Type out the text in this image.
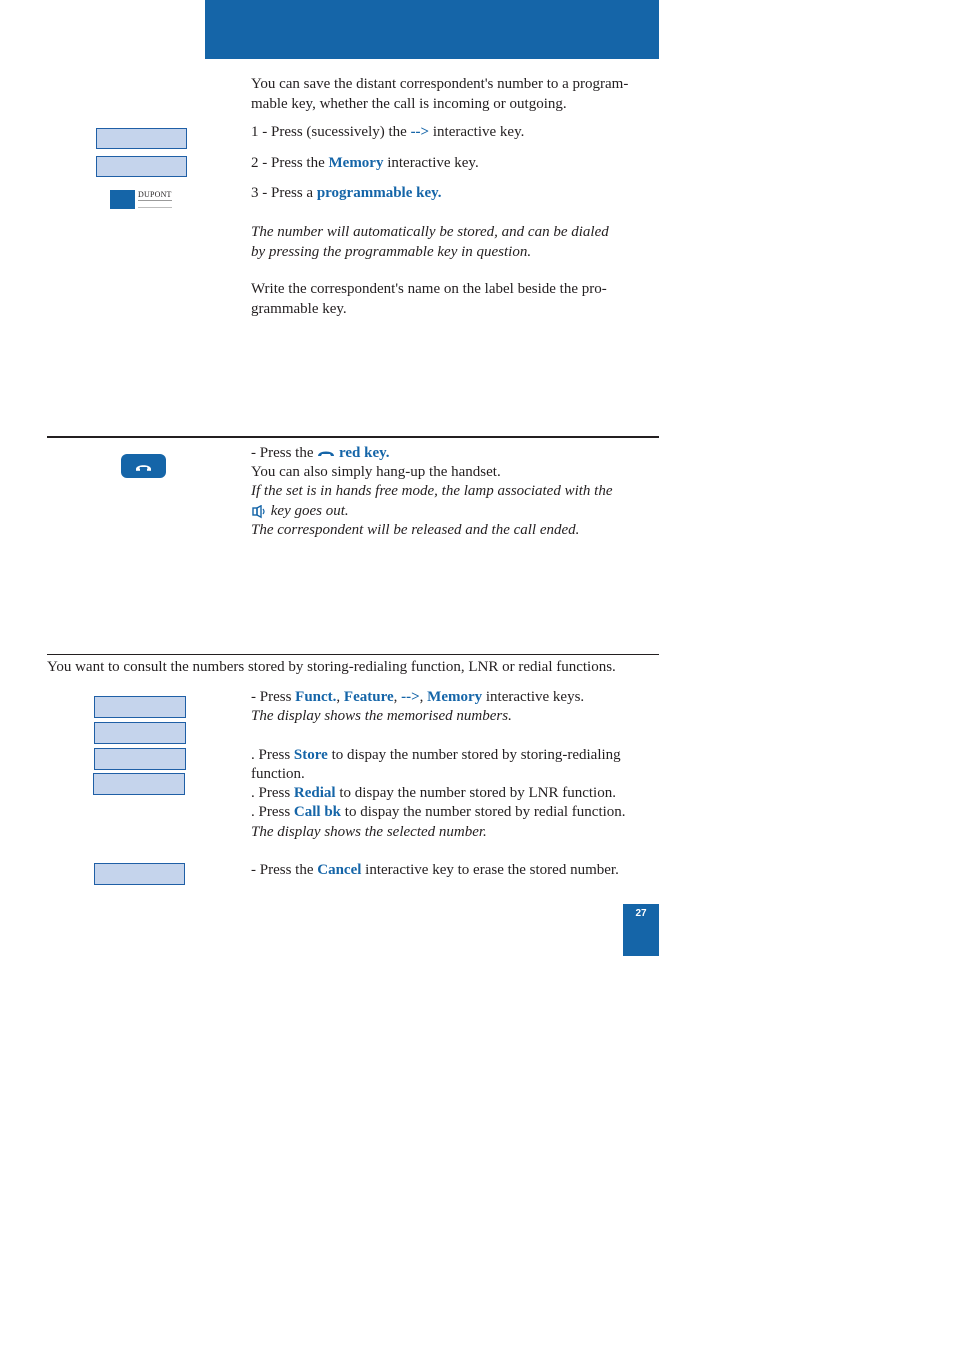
You can save the distant correspondent's number to a program-
mable key, whether the call is incoming or outgoing.
1 - Press (sucessively) the --> interactive key.
2 - Press the Memory interactive key.
DUPONT	3 - Press a programmable key.
The number will automatically be stored, and can be dialed
by pressing the programmable key in question.
Write the correspondent's name on the label beside the pro-
grammable key.
- Press the  red key.
You can also simply hang-up the handset.
If the set is in hands free mode, the lamp associated with the
key goes out.
The correspondent will be released and the call ended.
You want to consult the numbers stored by storing-redialing function, LNR or redial functions.
- Press Funct., Feature, -->, Memory interactive keys.
The display shows the memorised numbers.
. Press Store to dispay the number stored by storing-redialing
function.
. Press Redial to dispay the number stored by LNR function.
. Press Call bk to dispay the number stored by redial function.
The display shows the selected number.
- Press the Cancel interactive key to erase the stored number.
27
